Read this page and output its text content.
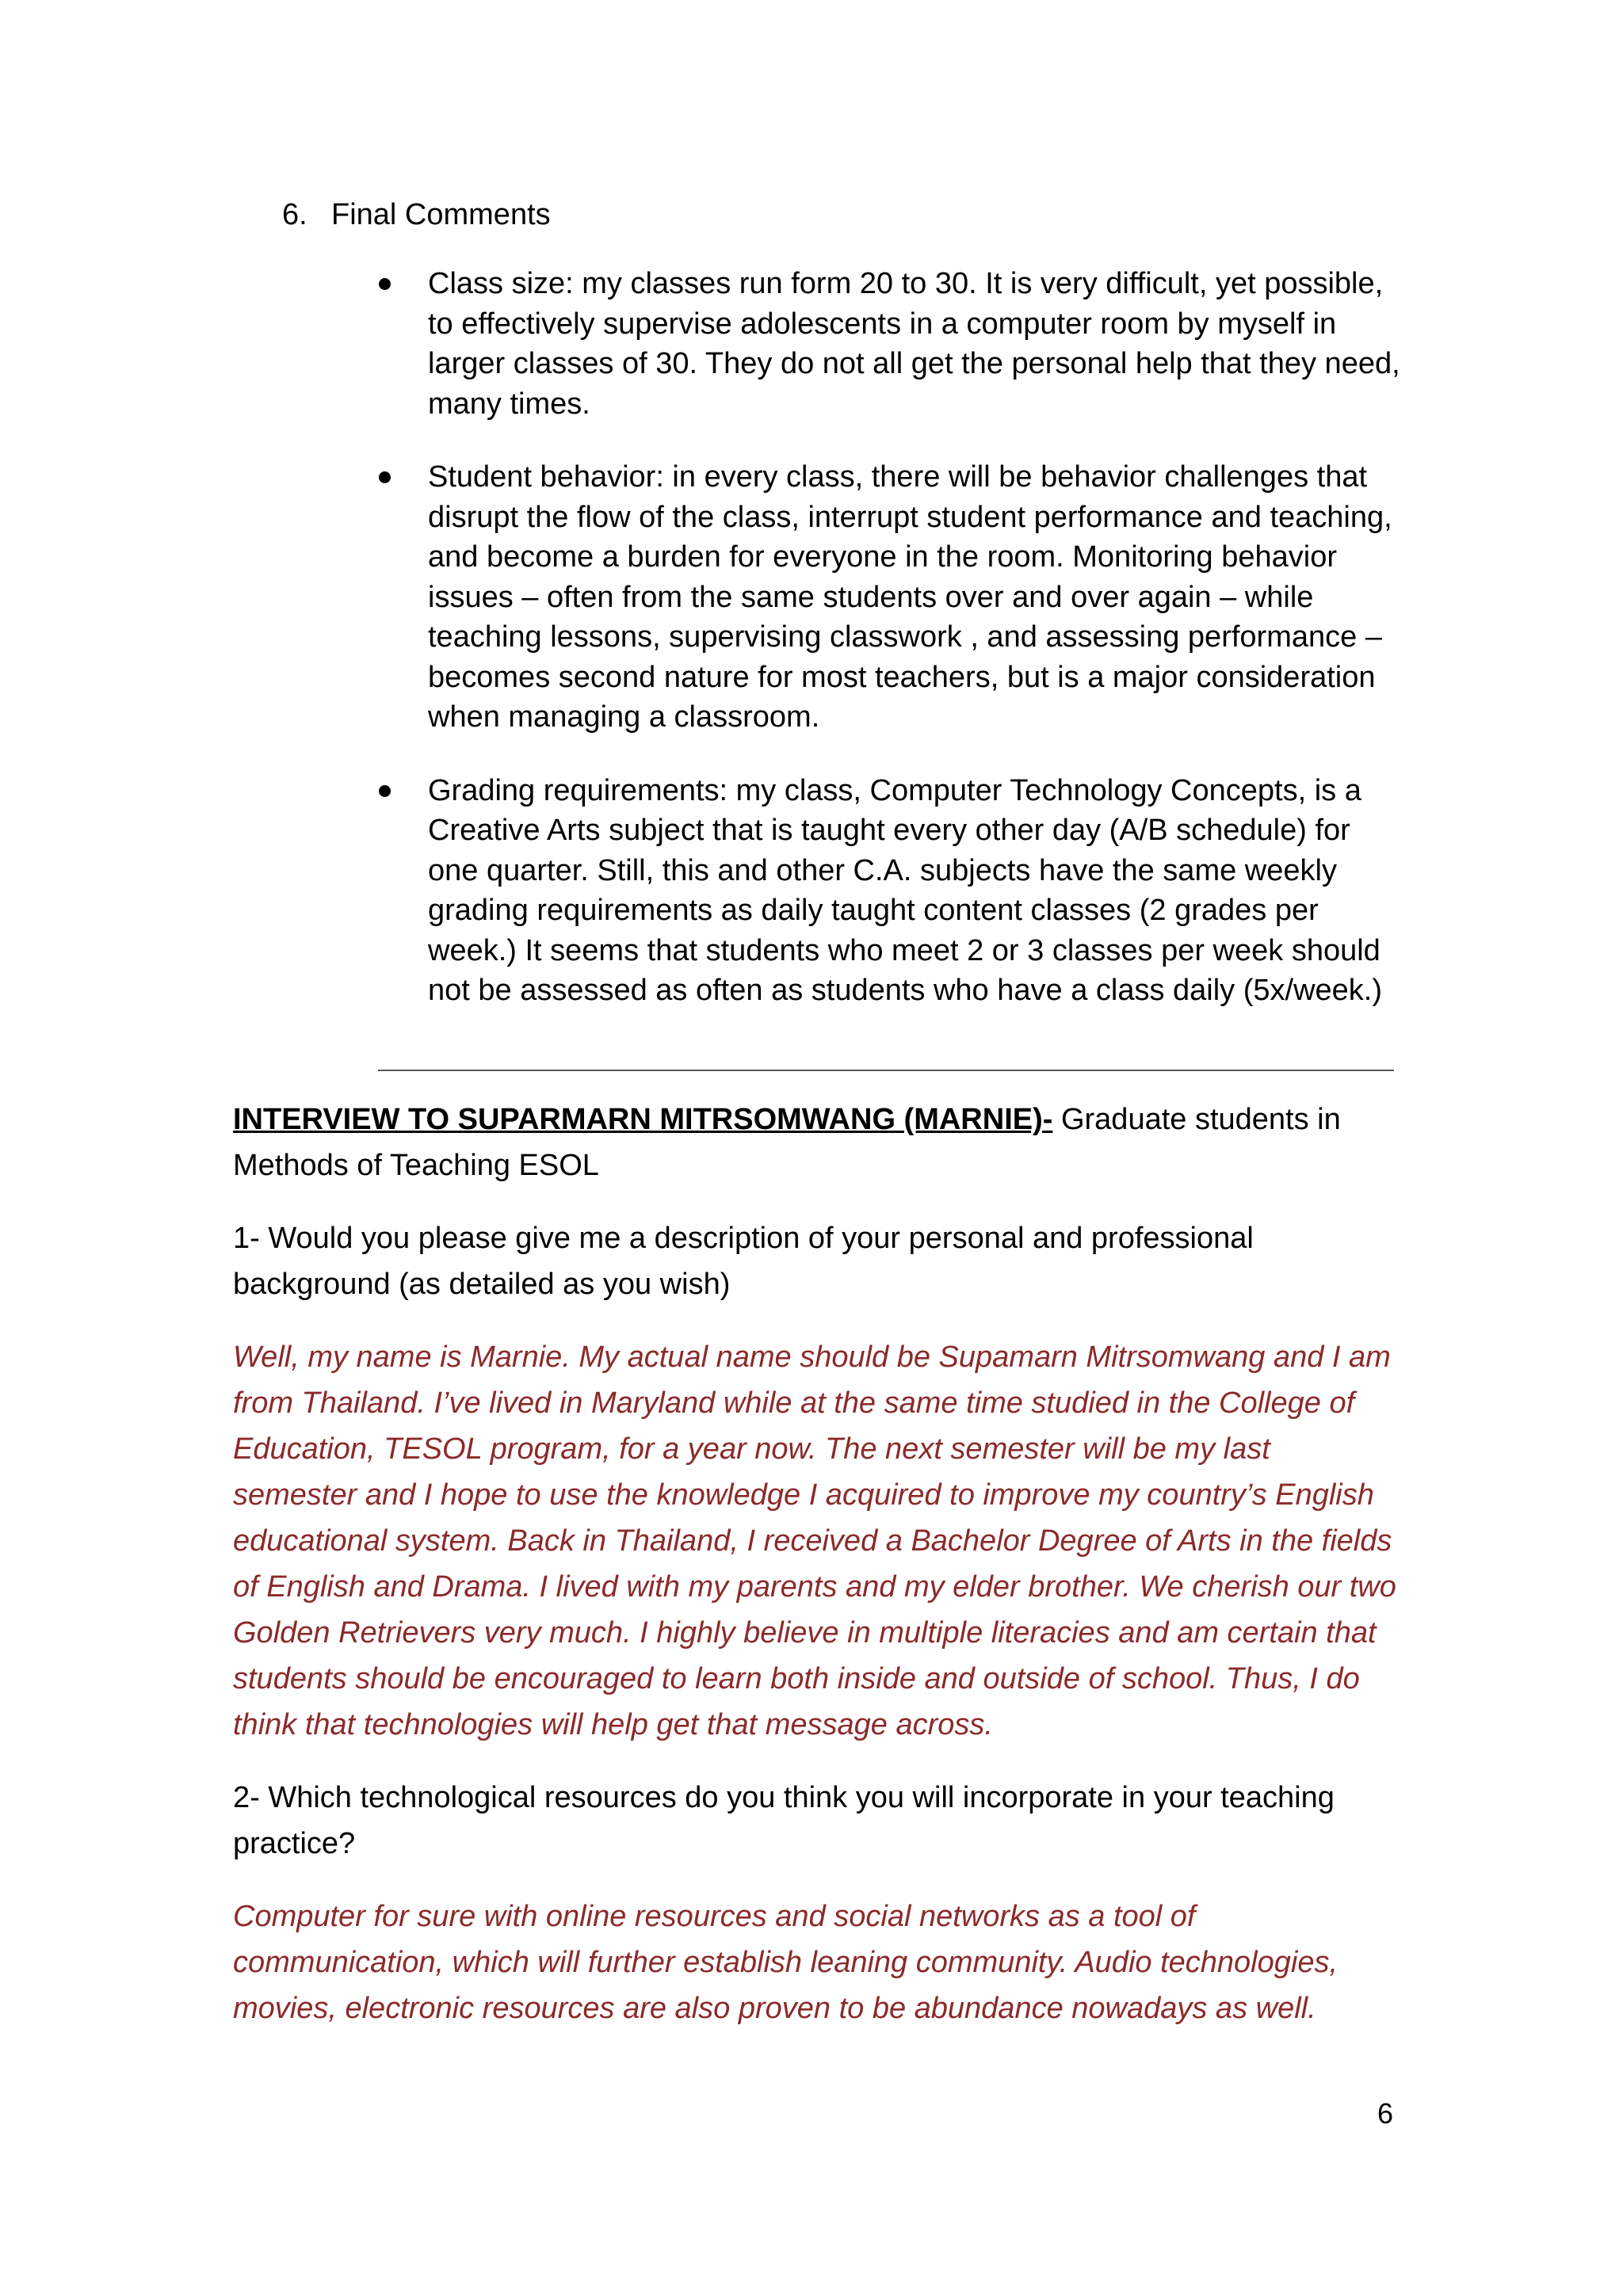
6. Final Comments
Class size: my classes run form 20 to 30. It is very difficult, yet possible, to effectively supervise adolescents in a computer room by myself in larger classes of 30. They do not all get the personal help that they need, many times.
Student behavior: in every class, there will be behavior challenges that disrupt the flow of the class, interrupt student performance and teaching, and become a burden for everyone in the room. Monitoring behavior issues – often from the same students over and over again – while teaching lessons, supervising classwork , and assessing performance – becomes second nature for most teachers, but is a major consideration when managing a classroom.
Grading requirements: my class, Computer Technology Concepts, is a Creative Arts subject that is taught every other day (A/B schedule) for one quarter. Still, this and other C.A. subjects have the same weekly grading requirements as daily taught content classes (2 grades per week.) It seems that students who meet 2 or 3 classes per week should not be assessed as often as students who have a class daily (5x/week.)

INTERVIEW TO SUPARMARN MITRSOMWANG (MARNIE)- Graduate students in Methods of Teaching ESOL

1- Would you please give me a description of your personal and professional background (as detailed as you wish)

Well, my name is Marnie. My actual name should be Supamarn Mitrsomwang and I am from Thailand. I’ve lived in Maryland while at the same time studied in the College of Education, TESOL program, for a year now. The next semester will be my last semester and I hope to use the knowledge I acquired to improve my country’s English educational system. Back in Thailand, I received a Bachelor Degree of Arts in the fields of English and Drama. I lived with my parents and my elder brother. We cherish our two Golden Retrievers very much. I highly believe in multiple literacies and am certain that students should be encouraged to learn both inside and outside of school. Thus, I do think that technologies will help get that message across.

2- Which technological resources do you think you will incorporate in your teaching practice?

Computer for sure with online resources and social networks as a tool of communication, which will further establish leaning community. Audio technologies, movies, electronic resources are also proven to be abundance nowadays as well.

6
